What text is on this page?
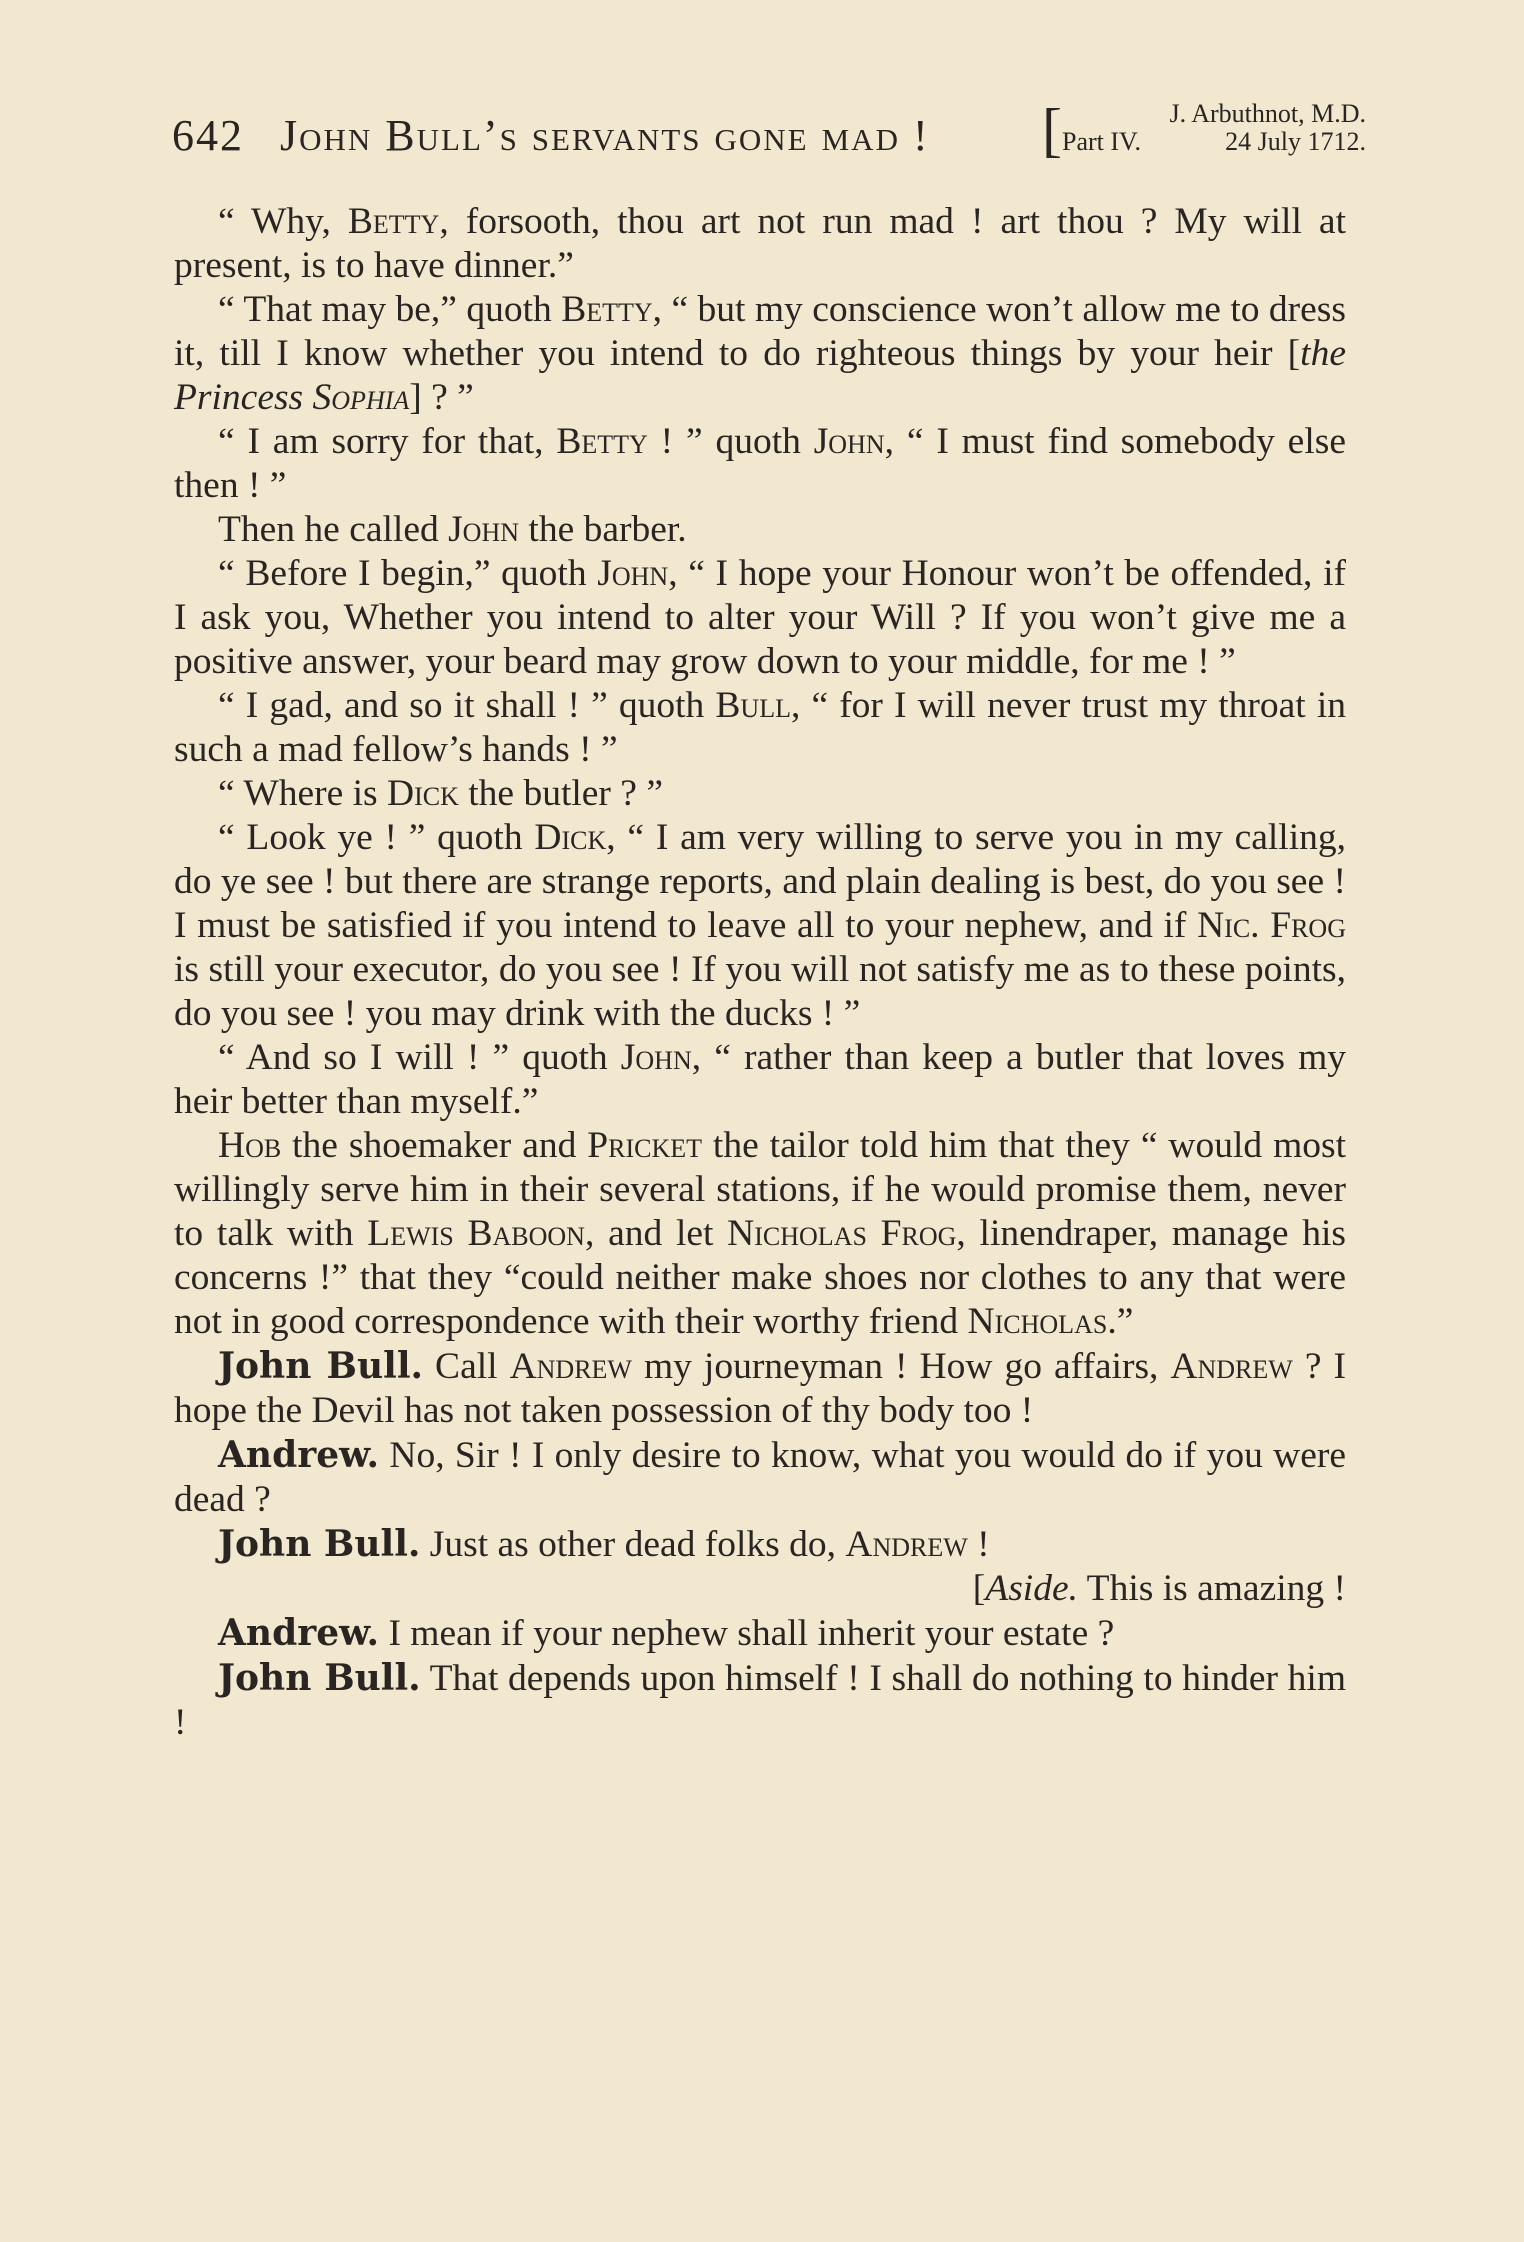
642 John Bull’s servants gone mad ! [	J. Arbuthnot, M.D.
Part IV.	24 July 1712.

“ Why, Betty, forsooth, thou art not run mad ! art thou ? My will at present, is to have dinner.”

“ That may be,” quoth Betty, “ but my conscience won’t allow me to dress it, till I know whether you intend to do righteous things by your heir [the Princess Sophia] ? ”

“ I am sorry for that, Betty ! ” quoth John, “ I must find somebody else then ! ”

Then he called John the barber.

“ Before I begin,” quoth John, “ I hope your Honour won’t be offended, if I ask you, Whether you intend to alter your Will ? If you won’t give me a positive answer, your beard may grow down to your middle, for me ! ”

“ I gad, and so it shall ! ” quoth Bull, “ for I will never trust my throat in such a mad fellow’s hands ! ”

“ Where is Dick the butler ? ”

“ Look ye ! ” quoth Dick, “ I am very willing to serve you in my calling, do ye see ! but there are strange reports, and plain dealing is best, do you see ! I must be satisfied if you intend to leave all to your nephew, and if Nic. Frog is still your executor, do you see ! If you will not satisfy me as to these points, do you see ! you may drink with the ducks ! ”

“ And so I will ! ” quoth John, “ rather than keep a butler that loves my heir better than myself.”

Hob the shoemaker and Pricket the tailor told him that they “ would most willingly serve him in their several stations, if he would promise them, never to talk with Lewis Baboon, and let Nicholas Frog, linendraper, manage his concerns !” that they “could neither make shoes nor clothes to any that were not in good correspondence with their worthy friend Nicholas.”

John Bull. Call Andrew my journeyman ! How go affairs, Andrew ? I hope the Devil has not taken possession of thy body too !

Andrew. No, Sir ! I only desire to know, what you would do if you were dead ?

John Bull. Just as other dead folks do, Andrew !

[Aside. This is amazing !

Andrew. I mean if your nephew shall inherit your estate ?

John Bull. That depends upon himself ! I shall do nothing to hinder him !
